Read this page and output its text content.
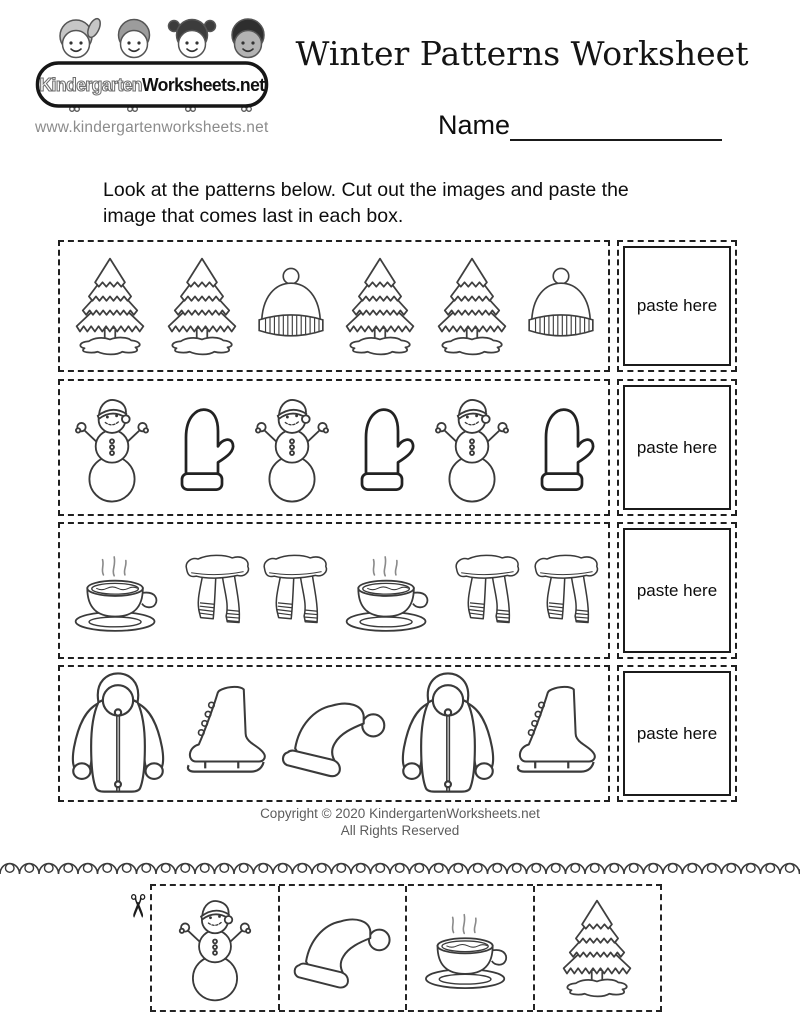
Kindergarten Worksheets.net
www.kindergartenworksheets.net
Winter Patterns Worksheet
Name

Look at the patterns below. Cut out the images and paste the
image that comes last in each box.

paste here
paste here
paste here
paste here
Copyright © 2020 KindergartenWorksheets.net
All Rights Reserved
✂
